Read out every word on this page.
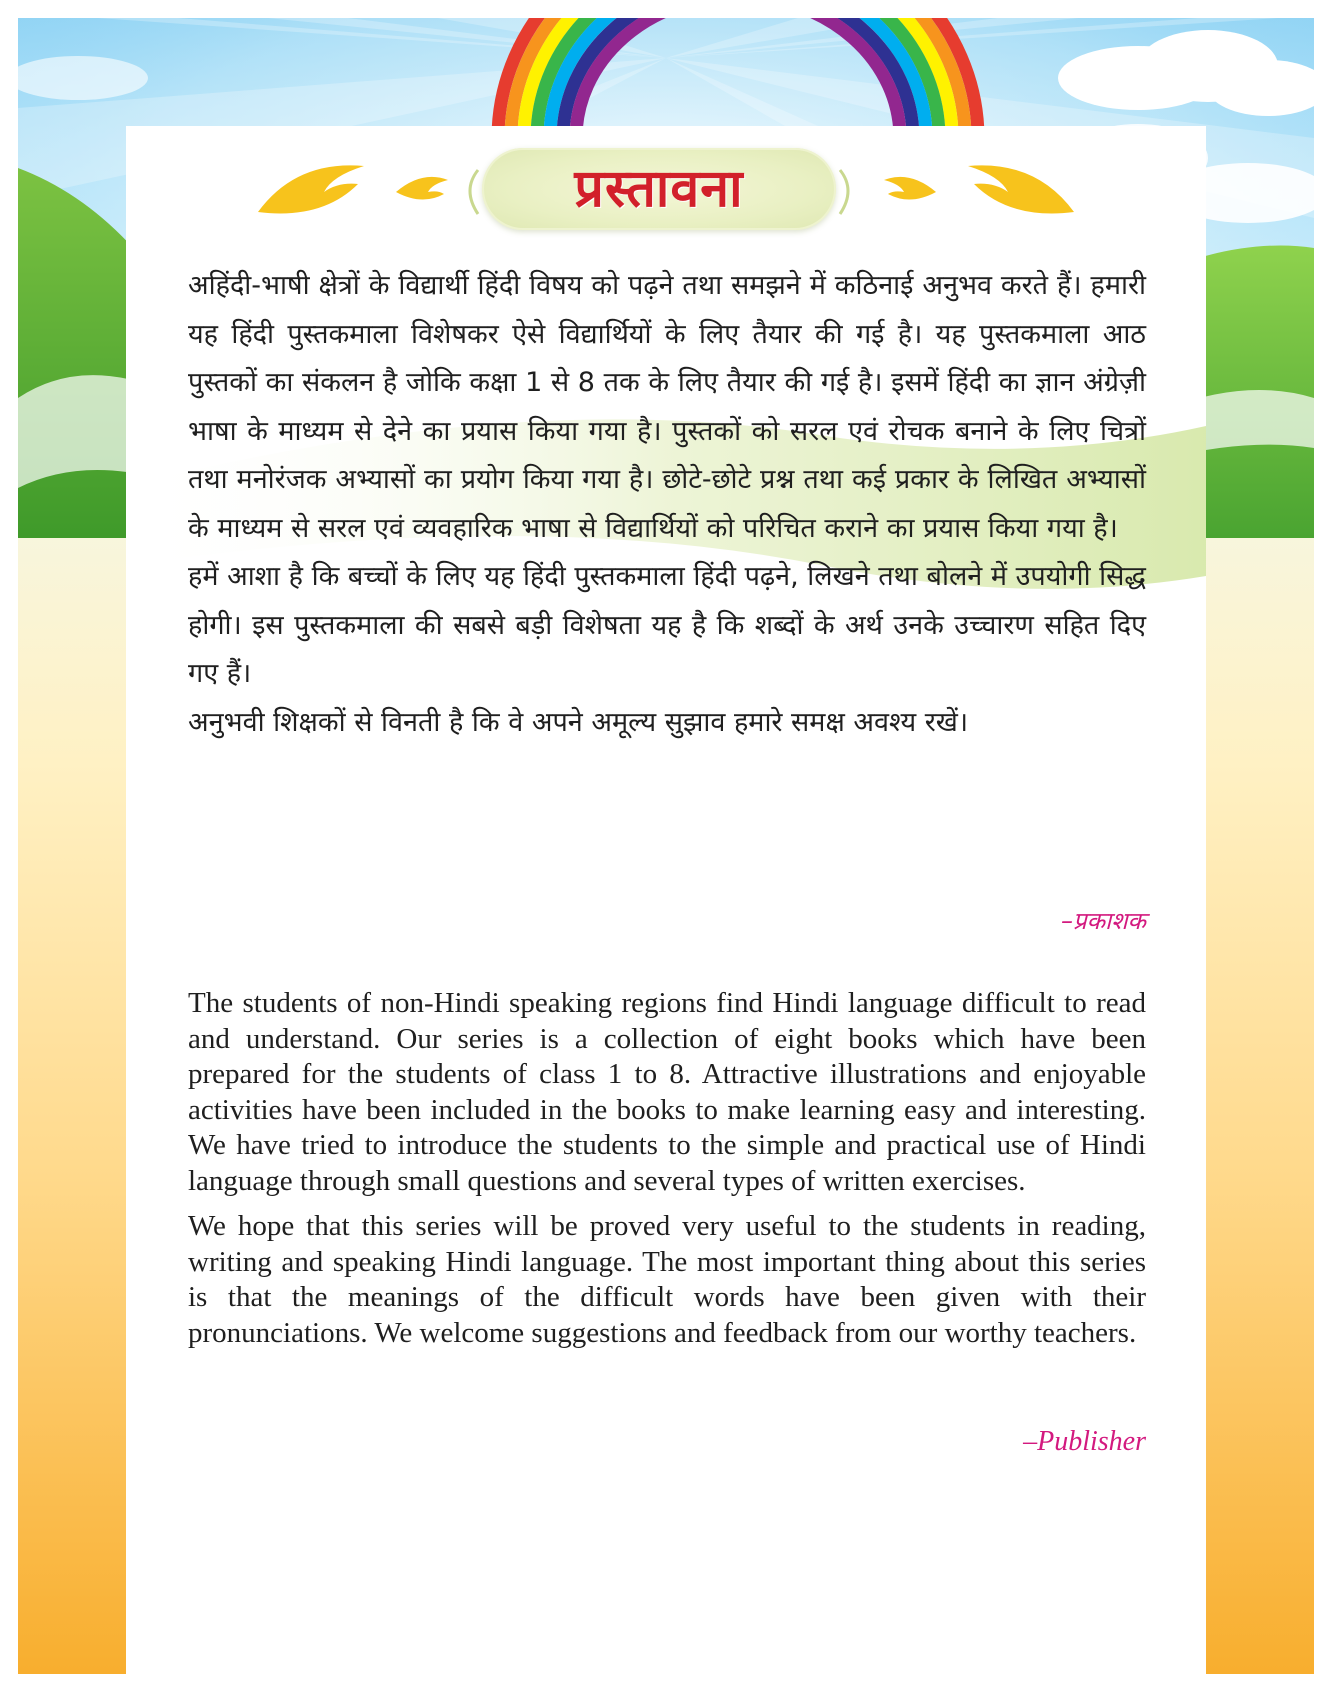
प्रस्तावना

अहिंदी-भाषी क्षेत्रों के विद्यार्थी हिंदी विषय को पढ़ने तथा समझने में कठिनाई अनुभव करते हैं। हमारी यह हिंदी पुस्तकमाला विशेषकर ऐसे विद्यार्थियों के लिए तैयार की गई है। यह पुस्तकमाला आठ पुस्तकों का संकलन है जोकि कक्षा 1 से 8 तक के लिए तैयार की गई है। इसमें हिंदी का ज्ञान अंग्रेज़ी भाषा के माध्यम से देने का प्रयास किया गया है। पुस्तकों को सरल एवं रोचक बनाने के लिए चित्रों तथा मनोरंजक अभ्यासों का प्रयोग किया गया है। छोटे-छोटे प्रश्न तथा कई प्रकार के लिखित अभ्यासों के माध्यम से सरल एवं व्यवहारिक भाषा से विद्यार्थियों को परिचित कराने का प्रयास किया गया है।

हमें आशा है कि बच्चों के लिए यह हिंदी पुस्तकमाला हिंदी पढ़ने, लिखने तथा बोलने में उपयोगी सिद्ध होगी। इस पुस्तकमाला की सबसे बड़ी विशेषता यह है कि शब्दों के अर्थ उनके उच्चारण सहित दिए गए हैं।

अनुभवी शिक्षकों से विनती है कि वे अपने अमूल्य सुझाव हमारे समक्ष अवश्य रखें।

–प्रकाशक

The students of non-Hindi speaking regions find Hindi language difficult to read and understand. Our series is a collection of eight books which have been prepared for the students of class 1 to 8. Attractive illustrations and enjoyable activities have been included in the books to make learning easy and interesting. We have tried to introduce the students to the simple and practical use of Hindi language through small questions and several types of written exercises.

We hope that this series will be proved very useful to the students in reading, writing and speaking Hindi language. The most important thing about this series is that the meanings of the difficult words have been given with their pronunciations. We welcome suggestions and feedback from our worthy teachers.

–Publisher
